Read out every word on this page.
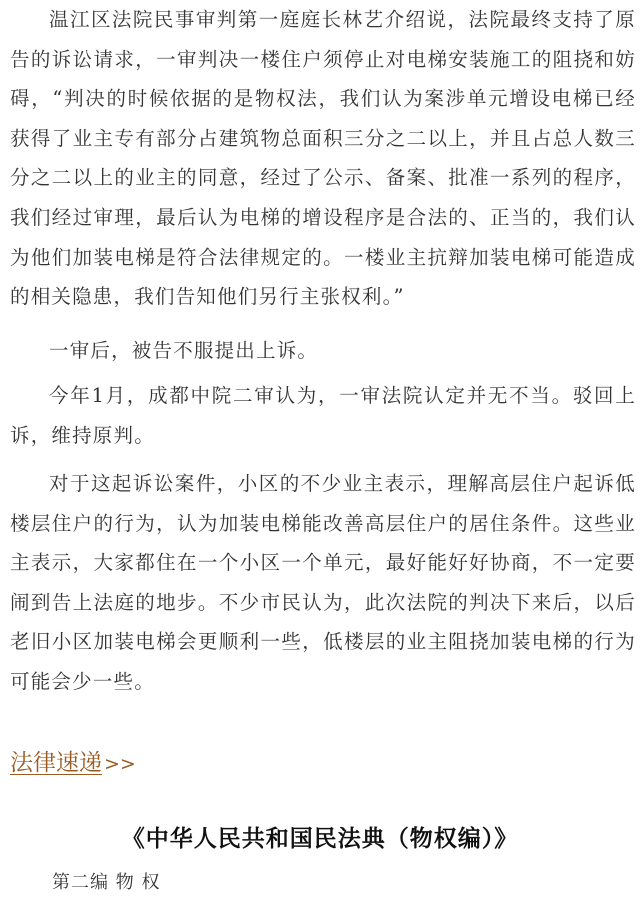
温江区法院民事审判第一庭庭长林艺介绍说，法院最终支持了原告的诉讼请求，一审判决一楼住户须停止对电梯安装施工的阻挠和妨碍，“判决的时候依据的是物权法，我们认为案涉单元增设电梯已经获得了业主专有部分占建筑物总面积三分之二以上，并且占总人数三分之二以上的业主的同意，经过了公示、备案、批准一系列的程序，我们经过审理，最后认为电梯的增设程序是合法的、正当的，我们认为他们加装电梯是符合法律规定的。一楼业主抗辩加装电梯可能造成的相关隐患，我们告知他们另行主张权利。”

一审后，被告不服提出上诉。

今年1月，成都中院二审认为，一审法院认定并无不当。驳回上诉，维持原判。

对于这起诉讼案件，小区的不少业主表示，理解高层住户起诉低楼层住户的行为，认为加装电梯能改善高层住户的居住条件。这些业主表示，大家都住在一个小区一个单元，最好能好好协商，不一定要闹到告上法庭的地步。不少市民认为，此次法院的判决下来后，以后老旧小区加装电梯会更顺利一些，低楼层的业主阻挠加装电梯的行为可能会少一些。

法律速递 >>
《中华人民共和国民法典（物权编）》
第二编 物 权
